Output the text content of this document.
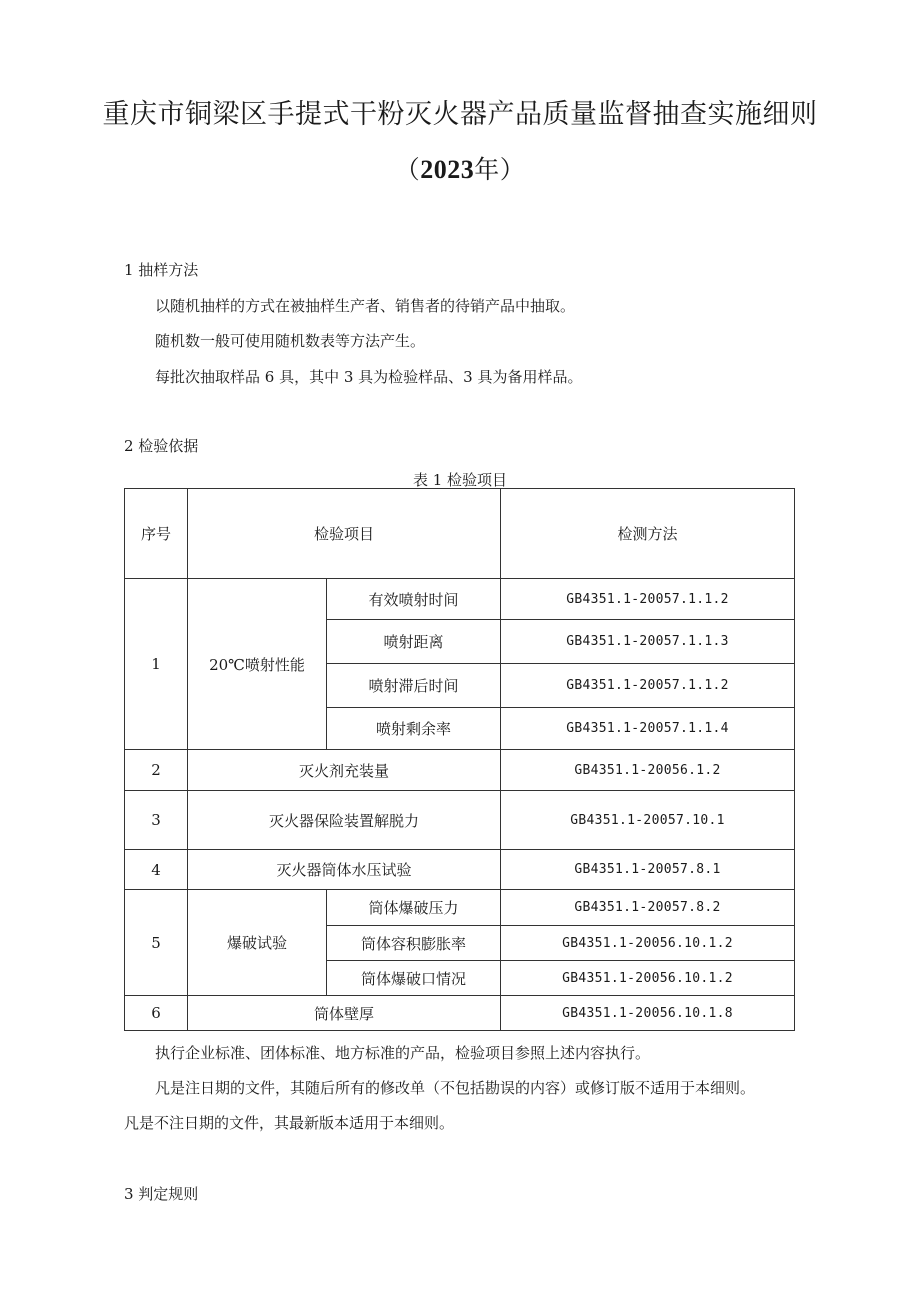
重庆市铜梁区手提式干粉灭火器产品质量监督抽查实施细则
（2023年）
1 抽样方法
以随机抽样的方式在被抽样生产者、销售者的待销产品中抽取。
随机数一般可使用随机数表等方法产生。
每批次抽取样品 6 具，其中 3 具为检验样品、3 具为备用样品。
2 检验依据
表 1 检验项目
序号	检验项目		检测方法
1	20℃喷射性能	有效喷射时间	GB4351.1-20057.1.1.2
		喷射距离	GB4351.1-20057.1.1.3
		喷射滞后时间	GB4351.1-20057.1.1.2
		喷射剩余率	GB4351.1-20057.1.1.4
2	灭火剂充装量		GB4351.1-20056.1.2
3	灭火器保险装置解脱力		GB4351.1-20057.10.1
4	灭火器筒体水压试验		GB4351.1-20057.8.1
5	爆破试验	筒体爆破压力	GB4351.1-20057.8.2
		筒体容积膨胀率	GB4351.1-20056.10.1.2
		筒体爆破口情况	GB4351.1-20056.10.1.2
6	筒体壁厚		GB4351.1-20056.10.1.8
执行企业标准、团体标准、地方标准的产品，检验项目参照上述内容执行。
凡是注日期的文件，其随后所有的修改单（不包括勘误的内容）或修订版不适用于本细则。
凡是不注日期的文件，其最新版本适用于本细则。
3 判定规则
